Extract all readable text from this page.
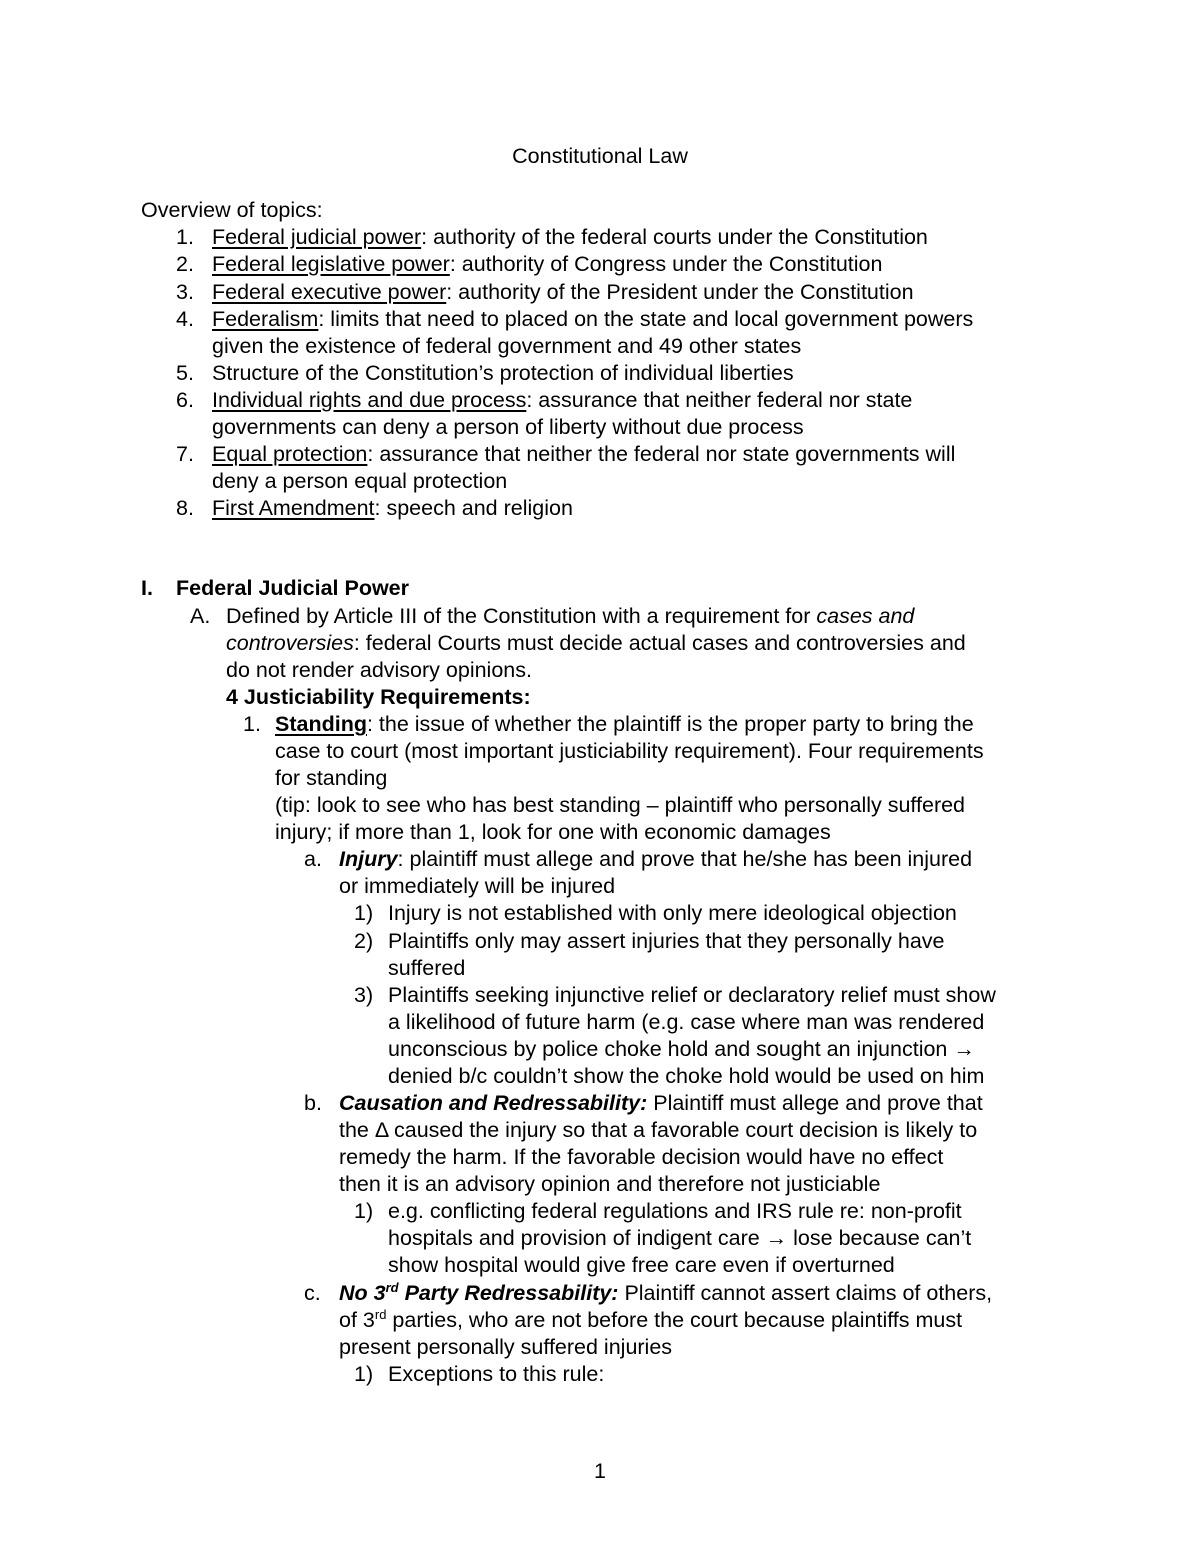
Constitutional Law
Overview of topics:
1. Federal judicial power: authority of the federal courts under the Constitution
2. Federal legislative power: authority of Congress under the Constitution
3. Federal executive power: authority of the President under the Constitution
4. Federalism: limits that need to placed on the state and local government powers
given the existence of federal government and 49 other states
5. Structure of the Constitution’s protection of individual liberties
6. Individual rights and due process: assurance that neither federal nor state
governments can deny a person of liberty without due process
7. Equal protection: assurance that neither the federal nor state governments will
deny a person equal protection
8. First Amendment: speech and religion
I. Federal Judicial Power
A. Defined by Article III of the Constitution with a requirement for cases and
controversies: federal Courts must decide actual cases and controversies and
do not render advisory opinions.
4 Justiciability Requirements:
1. Standing: the issue of whether the plaintiff is the proper party to bring the
case to court (most important justiciability requirement). Four requirements
for standing
(tip: look to see who has best standing – plaintiff who personally suffered
injury; if more than 1, look for one with economic damages
a. Injury: plaintiff must allege and prove that he/she has been injured
or immediately will be injured
1) Injury is not established with only mere ideological objection
2) Plaintiffs only may assert injuries that they personally have
suffered
3) Plaintiffs seeking injunctive relief or declaratory relief must show
a likelihood of future harm (e.g. case where man was rendered
unconscious by police choke hold and sought an injunction →
denied b/c couldn’t show the choke hold would be used on him
b. Causation and Redressability: Plaintiff must allege and prove that
the Δ caused the injury so that a favorable court decision is likely to
remedy the harm. If the favorable decision would have no effect
then it is an advisory opinion and therefore not justiciable
1) e.g. conflicting federal regulations and IRS rule re: non-profit
hospitals and provision of indigent care → lose because can’t
show hospital would give free care even if overturned
c. No 3rd Party Redressability: Plaintiff cannot assert claims of others,
of 3rd parties, who are not before the court because plaintiffs must
present personally suffered injuries
1) Exceptions to this rule:
1
